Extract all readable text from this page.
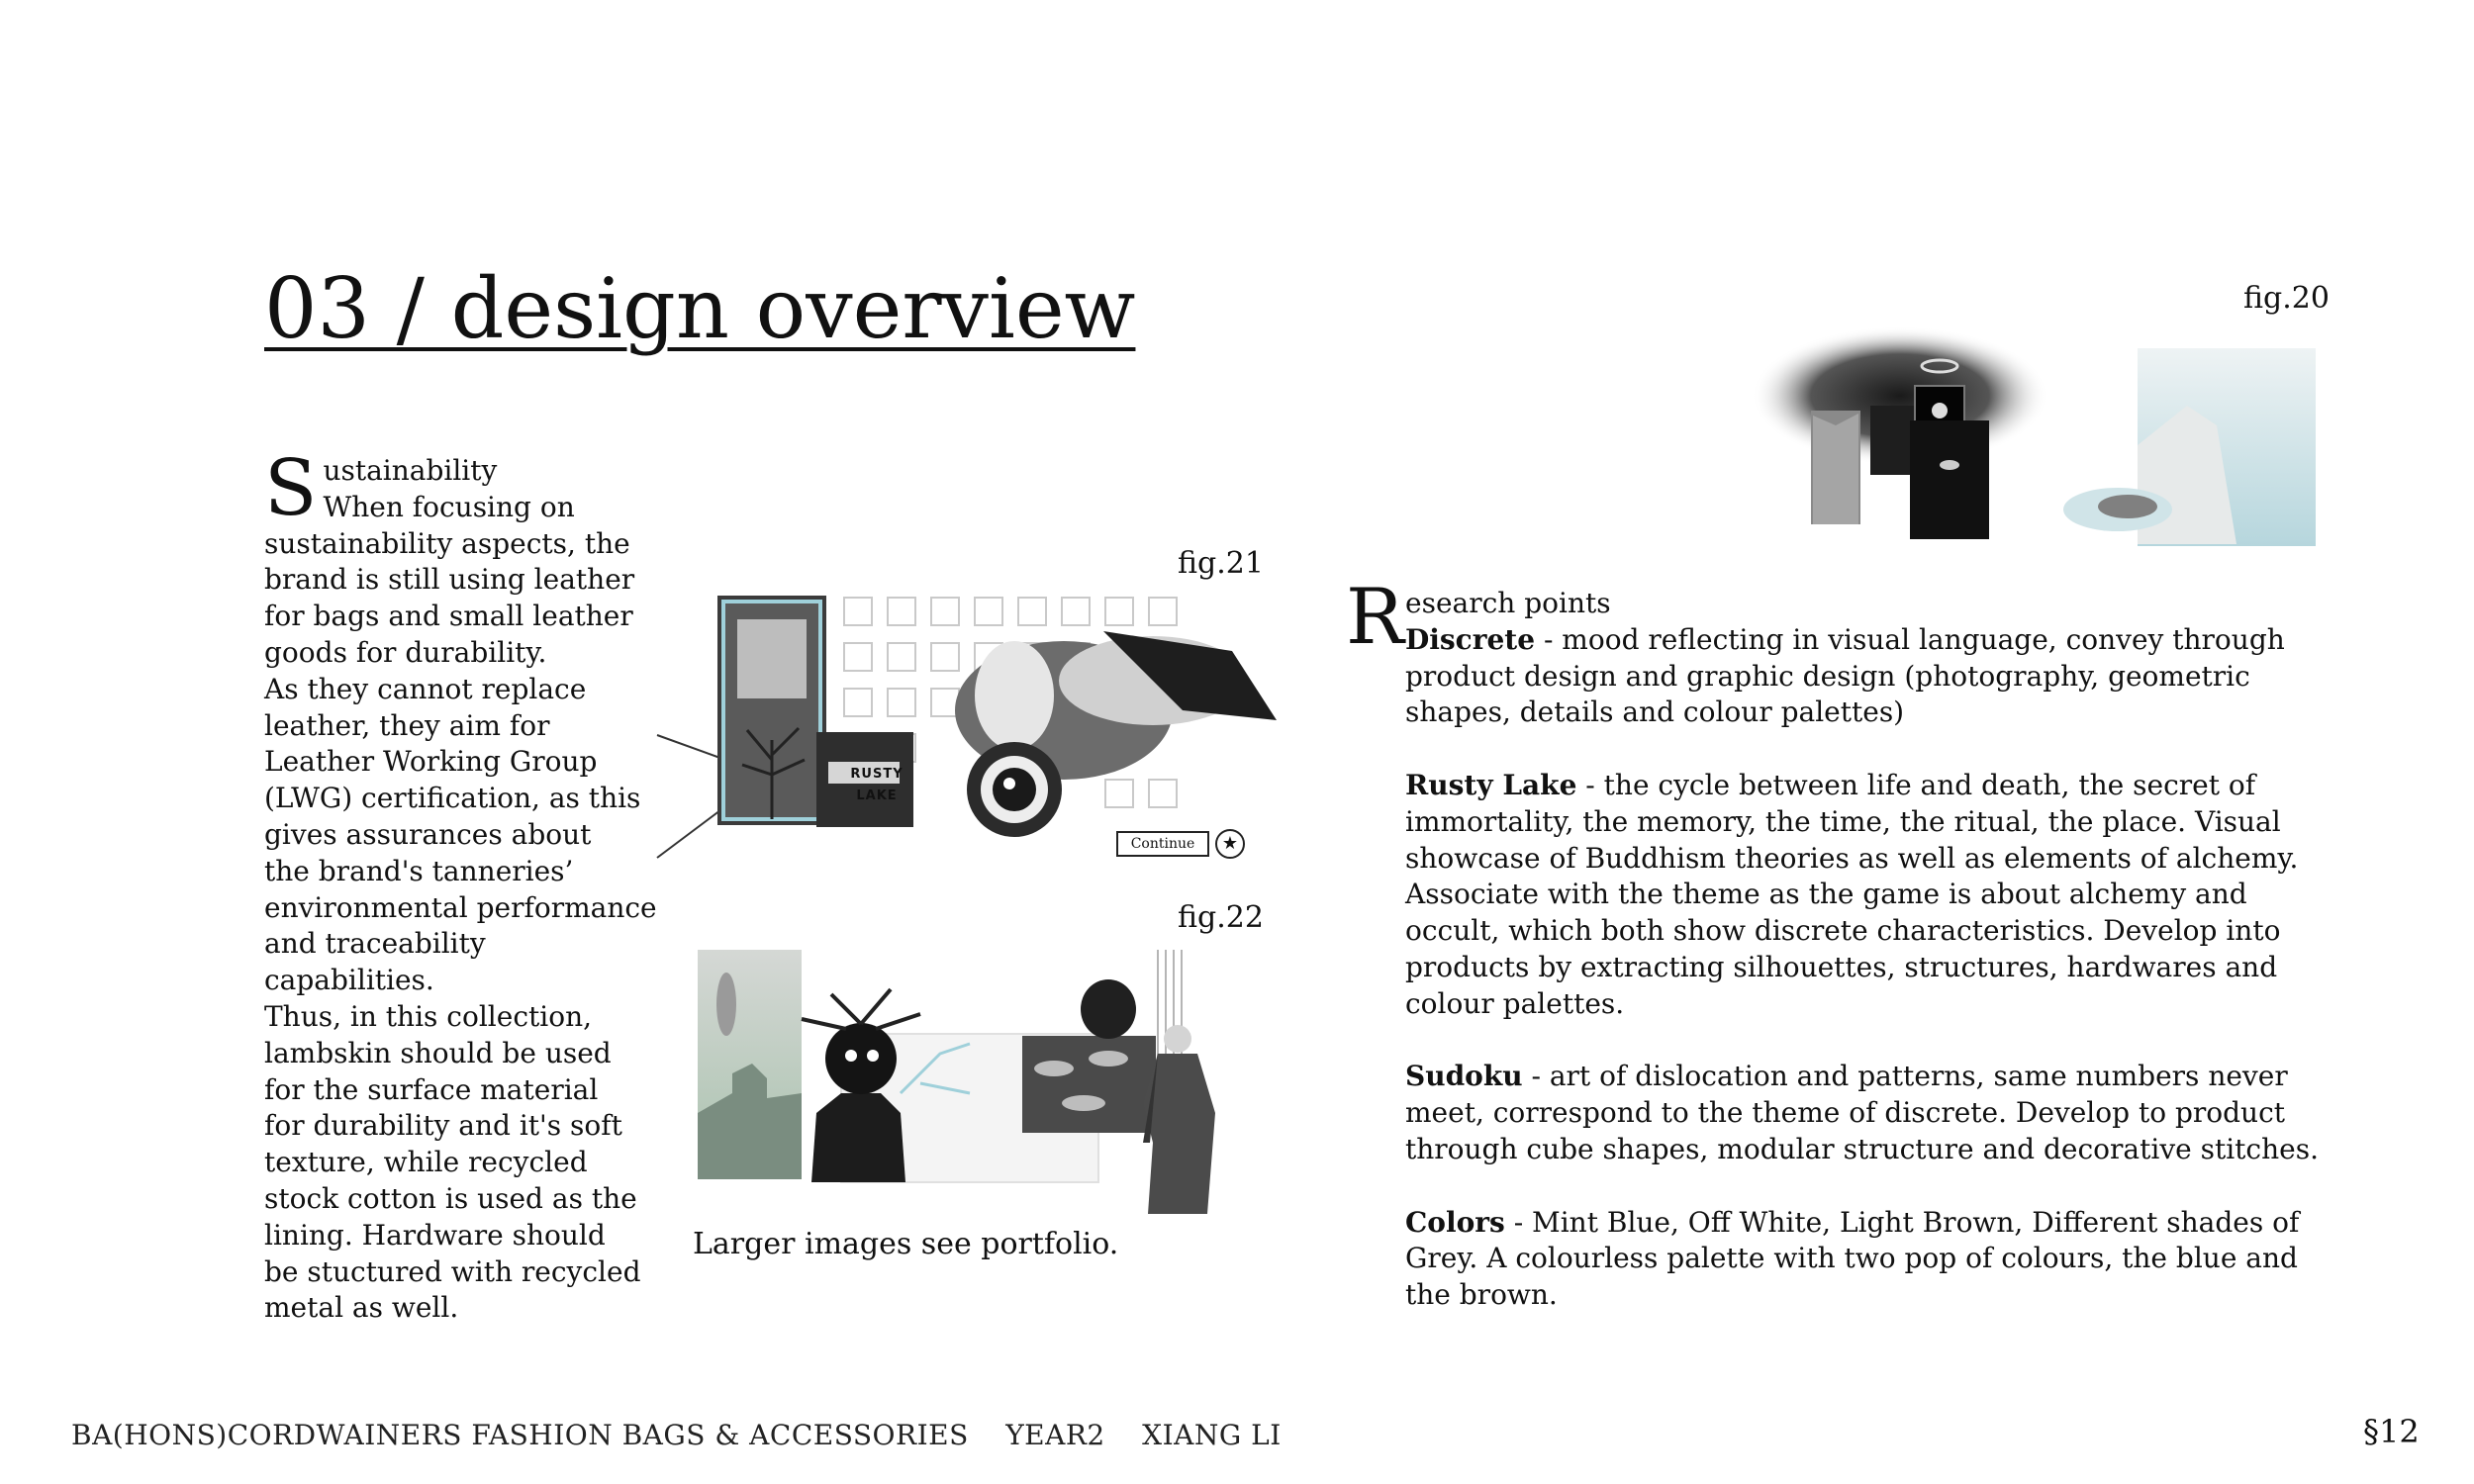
03 / design overview
S ustainability
When focusing on
sustainability aspects, the
brand is still using leather
for bags and small leather
goods for durability.
As they cannot replace
leather, they aim for
Leather Working Group
(LWG) certification, as this
gives assurances about
the brand's tanneries’
environmental performance
and traceability capabilities.
Thus, in this collection,
lambskin should be used
for the surface material
for durability and it's soft
texture, while recycled
stock cotton is used as the
lining. Hardware should
be stuctured with recycled
metal as well.
fig.21
RUSTY LAKE
Continue	★
fig.22
Larger images see portfolio.
fig.20
R esearch points

Discrete - mood reflecting in visual language, convey through product design and graphic design (photography, geometric shapes, details and colour palettes)

Rusty Lake - the cycle between life and death, the secret of immortality, the memory, the time, the ritual, the place. Visual showcase of Buddhism theories as well as elements of alchemy. Associate with the theme as the game is about alchemy and occult, which both show discrete characteristics. Develop into products by extracting silhouettes, structures, hardwares and colour palettes.

Sudoku - art of dislocation and patterns, same numbers never meet, correspond to the theme of discrete. Develop to product through cube shapes, modular structure and decorative stitches.

Colors - Mint Blue, Off White, Light Brown, Different shades of Grey. A colourless palette with two pop of colours, the blue and the brown.

BA(HONS)CORDWAINERS FASHION BAGS & ACCESSORIES YEAR2 XIANG LI	§12
